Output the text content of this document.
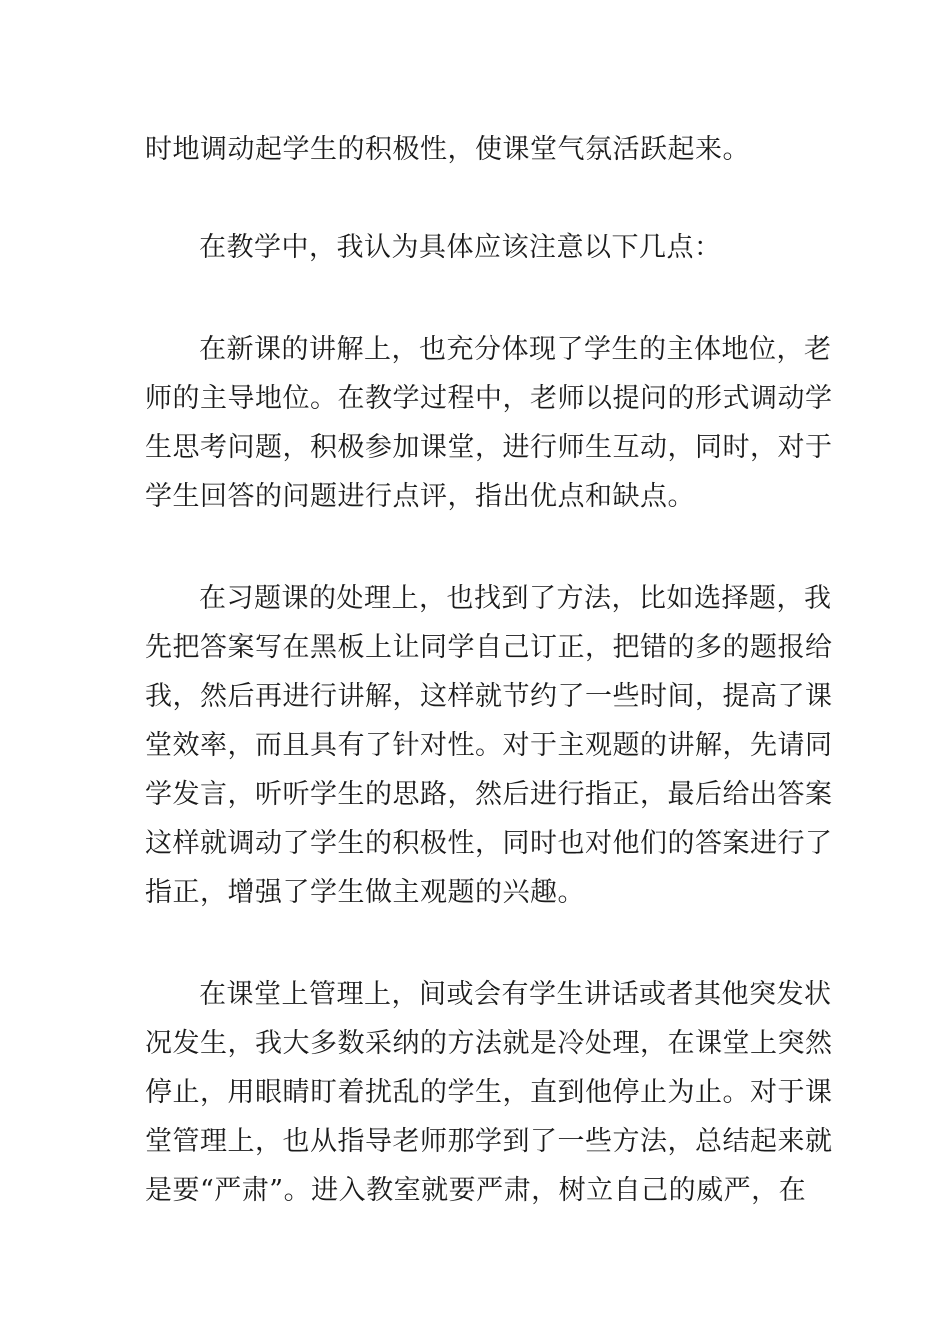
时地调动起学生的积极性，使课堂气氛活跃起来。

在教学中，我认为具体应该注意以下几点：

在新课的讲解上，也充分体现了学生的主体地位，老

师的主导地位。在教学过程中，老师以提问的形式调动学

生思考问题，积极参加课堂，进行师生互动，同时，对于

学生回答的问题进行点评，指出优点和缺点。

在习题课的处理上，也找到了方法，比如选择题，我

先把答案写在黑板上让同学自己订正，把错的多的题报给

我，然后再进行讲解，这样就节约了一些时间，提高了课

堂效率，而且具有了针对性。对于主观题的讲解，先请同

学发言，听听学生的思路，然后进行指正，最后给出答案

这样就调动了学生的积极性，同时也对他们的答案进行了

指正，增强了学生做主观题的兴趣。

在课堂上管理上，间或会有学生讲话或者其他突发状

况发生，我大多数采纳的方法就是冷处理，在课堂上突然

停止，用眼睛盯着扰乱的学生，直到他停止为止。对于课

堂管理上，也从指导老师那学到了一些方法，总结起来就

是要“严肃”。进入教室就要严肃，树立自己的威严，在
